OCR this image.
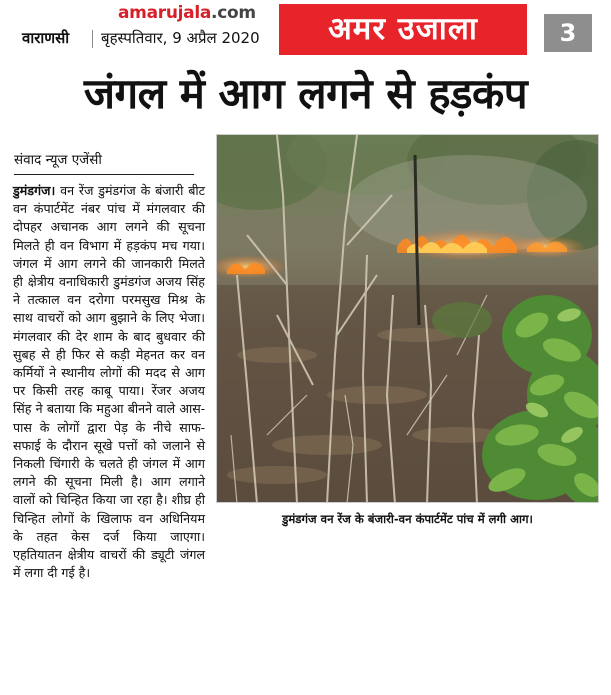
amarujala.com
वाराणसी बृहस्पतिवार, 9 अप्रैल 2020	अमर उजाला	3
जंगल में आग लगने से हड़कंप
संवाद न्यूज एजेंसी
डुमंडगंज। वन रेंज डुमंडगंज के बंजारी बीट वन कंपार्टमेंट नंबर पांच में मंगलवार की दोपहर अचानक आग लगने की सूचना मिलते ही वन विभाग में हड़कंप मच गया। जंगल में आग लगने की जानकारी मिलते ही क्षेत्रीय वनाधिकारी डुमंडगंज अजय सिंह ने तत्काल वन दरोगा परमसुख मिश्र के साथ वाचरों को आग बुझाने के लिए भेजा। मंगलवार की देर शाम के बाद बुधवार की सुबह से ही फिर से कड़ी मेहनत कर वन कर्मियों ने स्थानीय लोगों की मदद से आग पर किसी तरह काबू पाया। रेंजर अजय सिंह ने बताया कि महुआ बीनने वाले आस-पास के लोगों द्वारा पेड़ के नीचे साफ-सफाई के दौरान सूखे पत्तों को जलाने से निकली चिंगारी के चलते ही जंगल में आग लगने की सूचना मिली है। आग लगाने वालों को चिन्हित किया जा रहा है। शीघ्र ही चिन्हित लोगों के खिलाफ वन अधिनियम के तहत केस दर्ज किया जाएगा। एहतियातन क्षेत्रीय वाचरों की ड्यूटी जंगल में लगा दी गई है।
डुमंडगंज वन रेंज के बंजारी-वन कंपार्टमेंट पांच में लगी आग।
